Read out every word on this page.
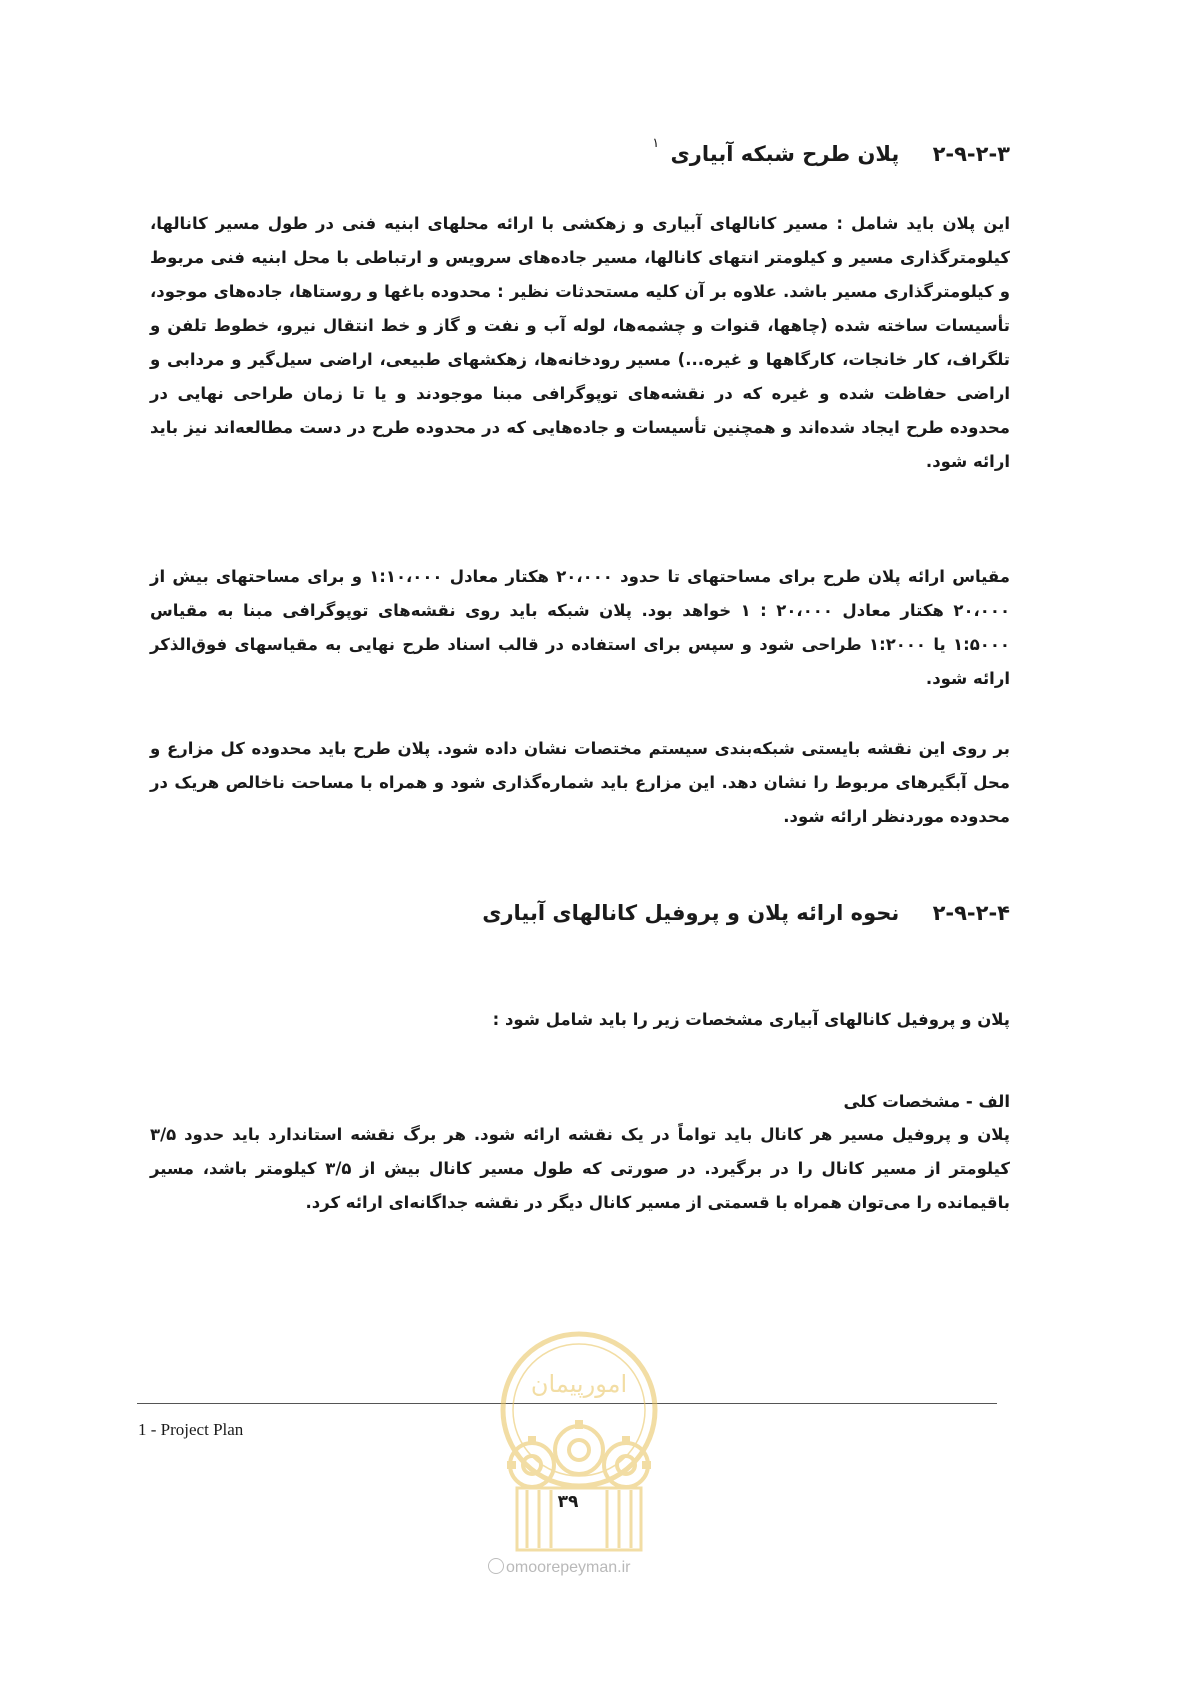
۲-۹-۲-۳ پلان طرح شبکه آبیاری $^۱$

این پلان باید شامل : مسیر کانالهای آبیاری و زهکشی با ارائه محلهای ابنیه فنی در طول مسیر کانالها، کیلومترگذاری مسیر و کیلومتر انتهای کانالها، مسیر جاده‌های سرویس و ارتباطی با محل ابنیه فنی مربوط و کیلومترگذاری مسیر باشد. علاوه بر آن کلیه مستحدثات نظیر : محدوده باغها و روستاها، جاده‌های موجود، تأسیسات ساخته شده (چاهها، قنوات و چشمه‌ها، لوله آب و نفت و گاز و خط انتقال نیرو، خطوط تلفن و تلگراف، کار خانجات، کارگاهها و غیره...) مسیر رودخانه‌ها، زهکشهای طبیعی، اراضی سیل‌گیر و مردابی و اراضی حفاظت شده و غیره که در نقشه‌های توپوگرافی مبنا موجودند و یا تا زمان طراحی نهایی در محدوده طرح ایجاد شده‌اند و همچنین تأسیسات و جاده‌هایی که در محدوده طرح در دست مطالعه‌اند نیز باید ارائه شود.

مقیاس ارائه پلان طرح برای مساحتهای تا حدود ۲۰،۰۰۰ هکتار معادل ۱:۱۰،۰۰۰ و برای مساحتهای بیش از ۲۰،۰۰۰ هکتار معادل ۲۰،۰۰۰ : ۱ خواهد بود. پلان شبکه باید روی نقشه‌های توپوگرافی مبنا به مقیاس ۱:۵۰۰۰ یا ۱:۲۰۰۰ طراحی شود و سپس برای استفاده در قالب اسناد طرح نهایی به مقیاسهای فوق‌الذکر ارائه شود.

بر روی این نقشه بایستی شبکه‌بندی سیستم مختصات نشان داده شود. پلان طرح باید محدوده کل مزارع و محل آبگیرهای مربوط را نشان دهد. این مزارع باید شماره‌گذاری شود و همراه با مساحت ناخالص هریک در محدوده موردنظر ارائه شود.

۲-۹-۲-۴ نحوه ارائه پلان و پروفیل کانالهای آبیاری

پلان و پروفیل کانالهای آبیاری مشخصات زیر را باید شامل شود :

الف - مشخصات کلی

پلان و پروفیل مسیر هر کانال باید تواماً در یک نقشه ارائه شود. هر برگ نقشه استاندارد باید حدود ۳/۵ کیلومتر از مسیر کانال را در برگیرد. در صورتی که طول مسیر کانال بیش از ۳/۵ کیلومتر باشد، مسیر باقیمانده را می‌توان همراه با قسمتی از مسیر کانال دیگر در نقشه جداگانه‌ای ارائه کرد.

1 - Project Plan
امورپیمان
۳۹
omoorepeyman.ir
